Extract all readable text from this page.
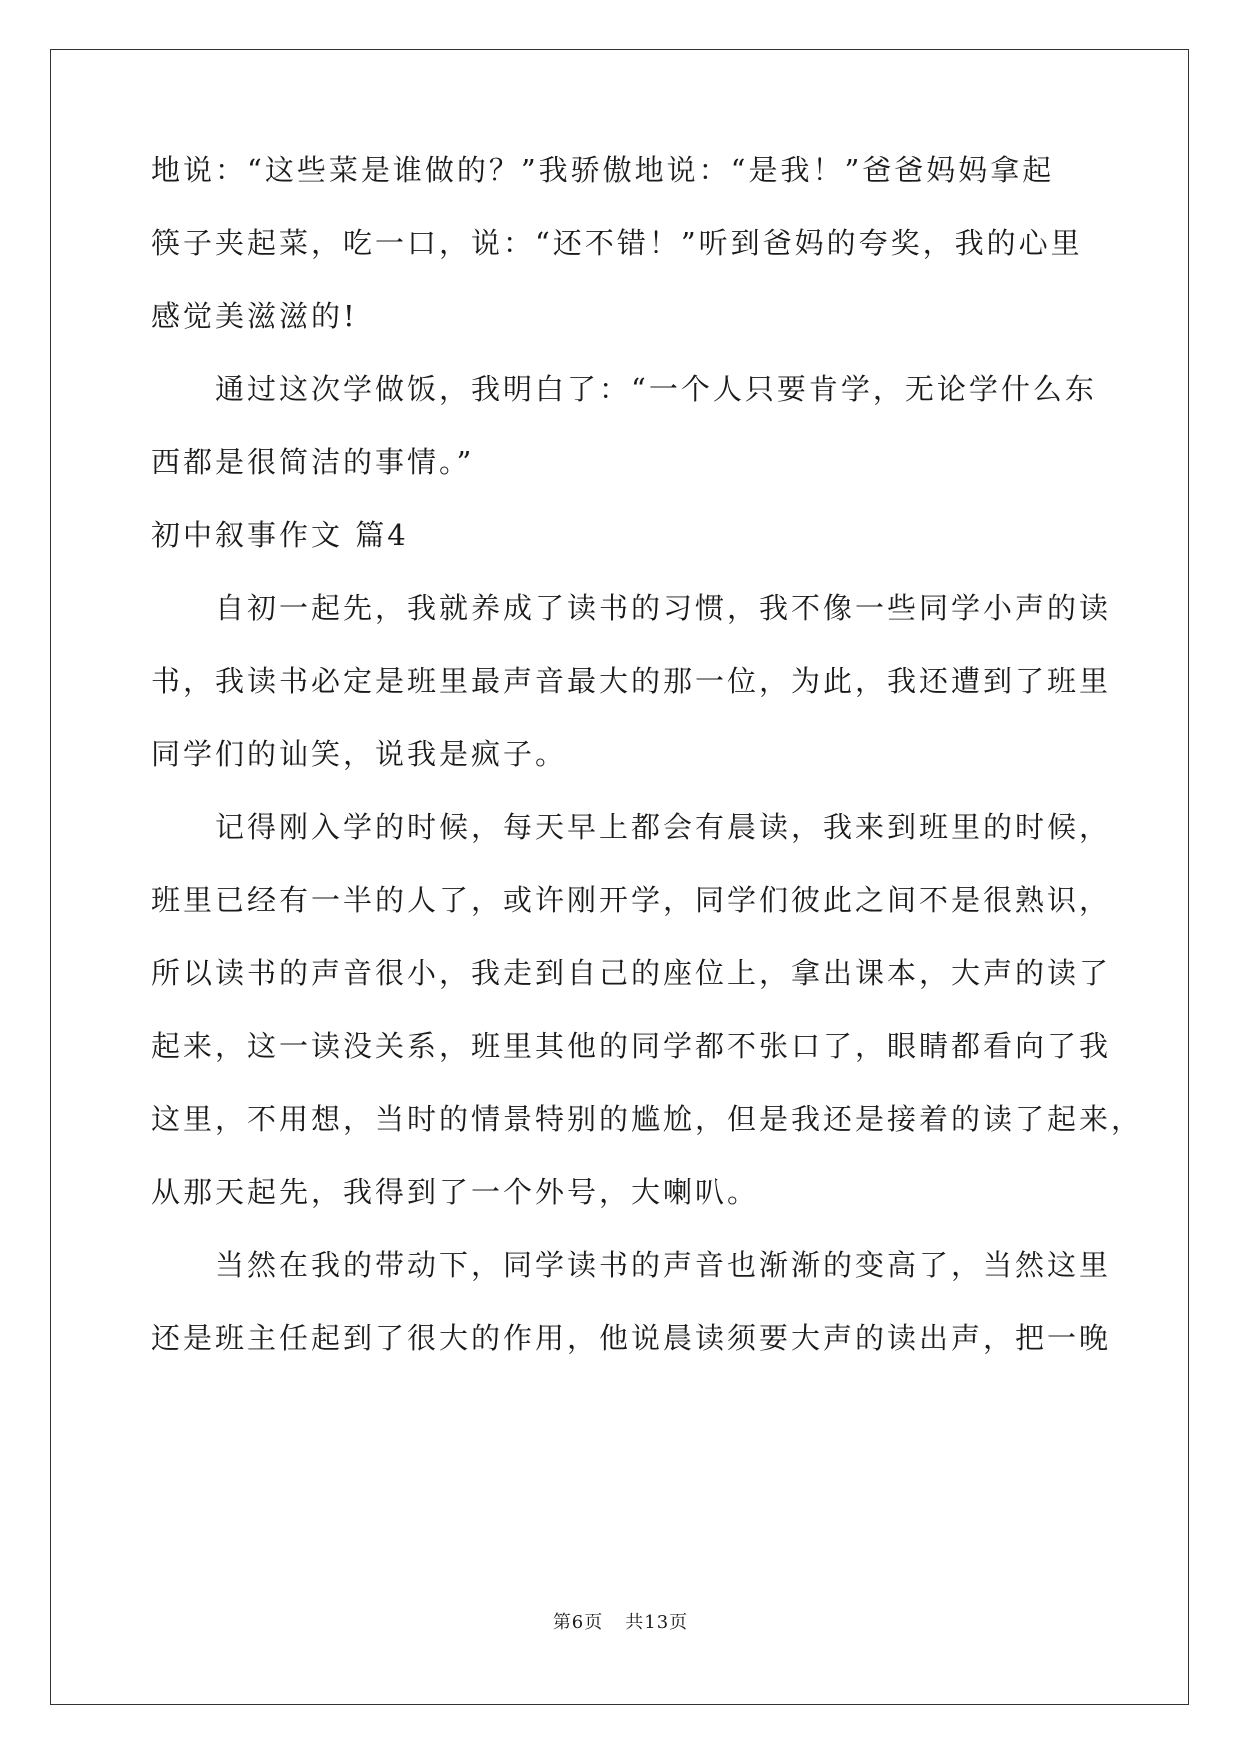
地说：“这些菜是谁做的？”我骄傲地说：“是我！”爸爸妈妈拿起
筷子夹起菜，吃一口，说：“还不错！”听到爸妈的夸奖，我的心里
感觉美滋滋的!
　　通过这次学做饭，我明白了：“一个人只要肯学，无论学什么东
西都是很简洁的事情。”
初中叙事作文 篇4
　　自初一起先，我就养成了读书的习惯，我不像一些同学小声的读
书，我读书必定是班里最声音最大的那一位，为此，我还遭到了班里
同学们的讪笑，说我是疯子。
　　记得刚入学的时候，每天早上都会有晨读，我来到班里的时候，
班里已经有一半的人了，或许刚开学，同学们彼此之间不是很熟识，
所以读书的声音很小，我走到自己的座位上，拿出课本，大声的读了
起来，这一读没关系，班里其他的同学都不张口了，眼睛都看向了我
这里，不用想，当时的情景特别的尴尬，但是我还是接着的读了起来，
从那天起先，我得到了一个外号，大喇叭。
　　当然在我的带动下，同学读书的声音也渐渐的变高了，当然这里
还是班主任起到了很大的作用，他说晨读须要大声的读出声，把一晚
第6页 共13页
